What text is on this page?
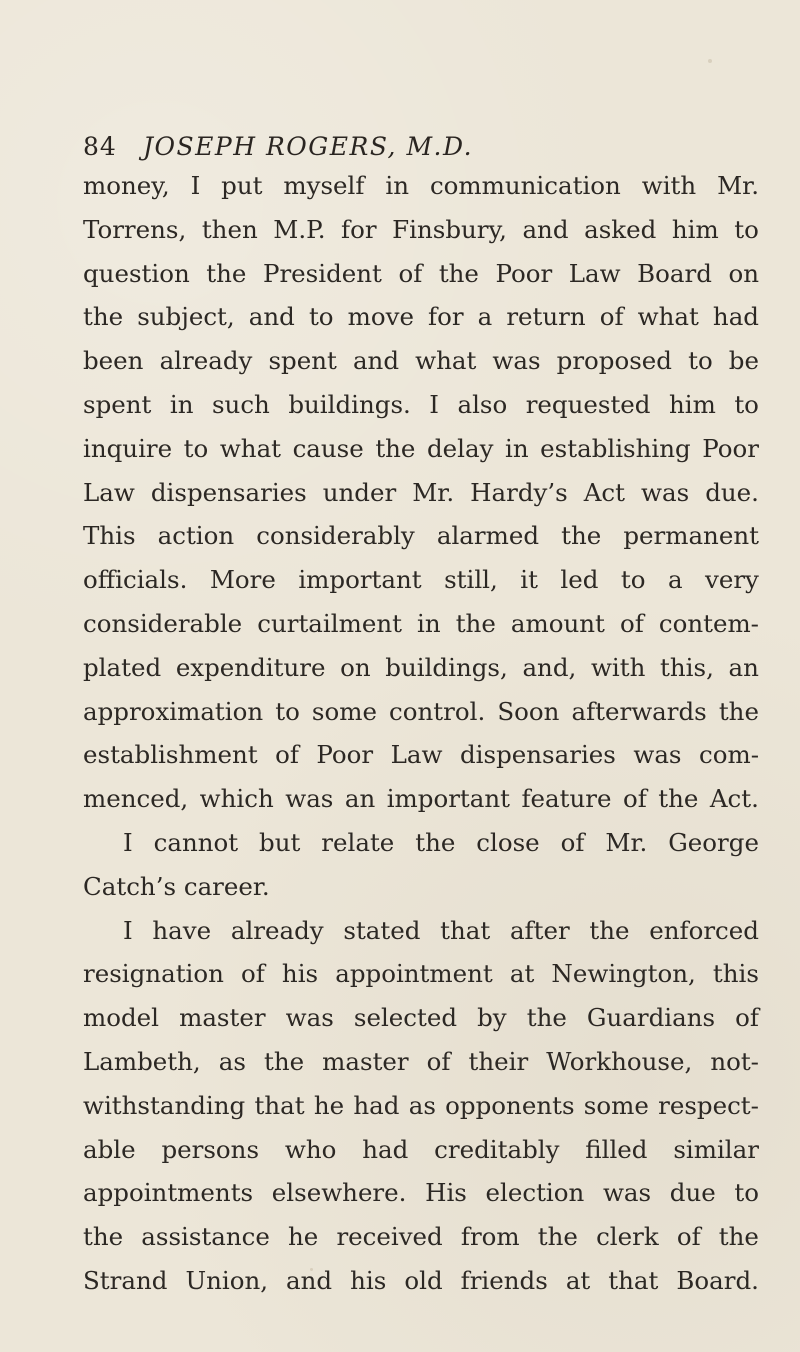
84 JOSEPH ROGERS, M.D.
money, I put myself in communication with Mr.
Torrens, then M.P. for Finsbury, and asked him to
question the President of the Poor Law Board on
the subject, and to move for a return of what had
been already spent and what was proposed to be
spent in such buildings. I also requested him to
inquire to what cause the delay in establishing Poor
Law dispensaries under Mr. Hardy’s Act was due.
This action considerably alarmed the permanent
officials. More important still, it led to a very
considerable curtailment in the amount of contem-
plated expenditure on buildings, and, with this, an
approximation to some control. Soon afterwards the
establishment of Poor Law dispensaries was com-
menced, which was an important feature of the Act.
I cannot but relate the close of Mr. George
Catch’s career.
I have already stated that after the enforced
resignation of his appointment at Newington, this
model master was selected by the Guardians of
Lambeth, as the master of their Workhouse, not-
withstanding that he had as opponents some respect-
able persons who had creditably filled similar
appointments elsewhere. His election was due to
the assistance he received from the clerk of the
Strand Union, and his old friends at that Board.
